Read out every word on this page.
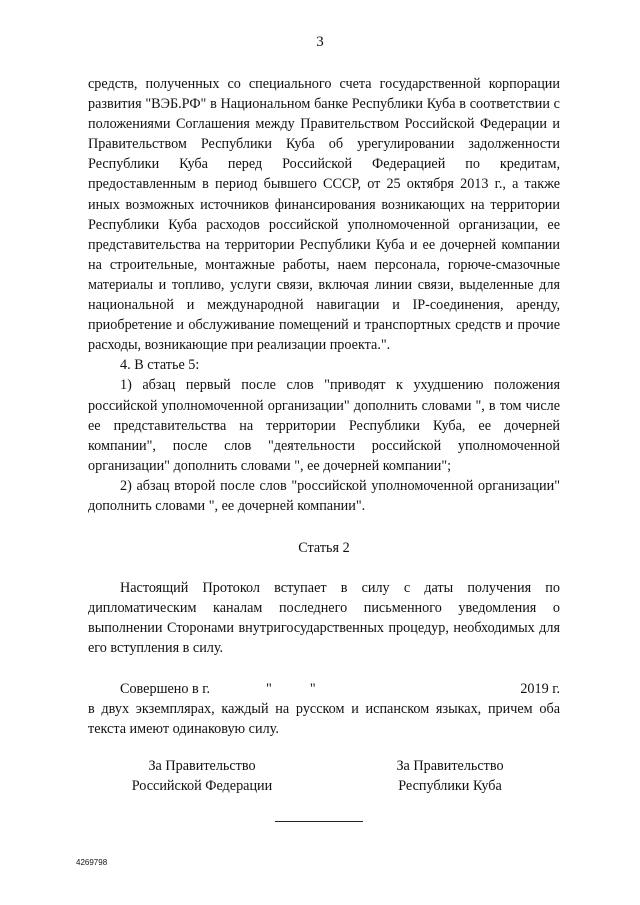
3

средств, полученных со специального счета государственной корпорации развития "ВЭБ.РФ" в Национальном банке Республики Куба в соответствии с положениями Соглашения между Правительством Российской Федерации и Правительством Республики Куба об урегулировании задолженности Республики Куба перед Российской Федерацией по кредитам, предоставленным в период бывшего СССР, от 25 октября 2013 г., а также иных возможных источников финансирования возникающих на территории Республики Куба расходов российской уполномоченной организации, ее представительства на территории Республики Куба и ее дочерней компании на строительные, монтажные работы, наем персонала, горюче-смазочные материалы и топливо, услуги связи, включая линии связи, выделенные для национальной и международной навигации и IP-соединения, аренду, приобретение и обслуживание помещений и транспортных средств и прочие расходы, возникающие при реализации проекта.".

4. В статье 5:

1) абзац первый после слов "приводят к ухудшению положения российской уполномоченной организации" дополнить словами ", в том числе ее представительства на территории Республики Куба, ее дочерней компании", после слов "деятельности российской уполномоченной организации" дополнить словами ", ее дочерней компании";

2) абзац второй после слов "российской уполномоченной организации" дополнить словами ", ее дочерней компании".

Статья 2

Настоящий Протокол вступает в силу с даты получения по дипломатическим каналам последнего письменного уведомления о выполнении Сторонами внутригосударственных процедур, необходимых для его вступления в силу.

Совершено в г.	"	"	2019 г.

в двух экземплярах, каждый на русском и испанском языках, причем оба текста имеют одинаковую силу.

За Правительство
Российской Федерации
За Правительство
Республики Куба
4269798
